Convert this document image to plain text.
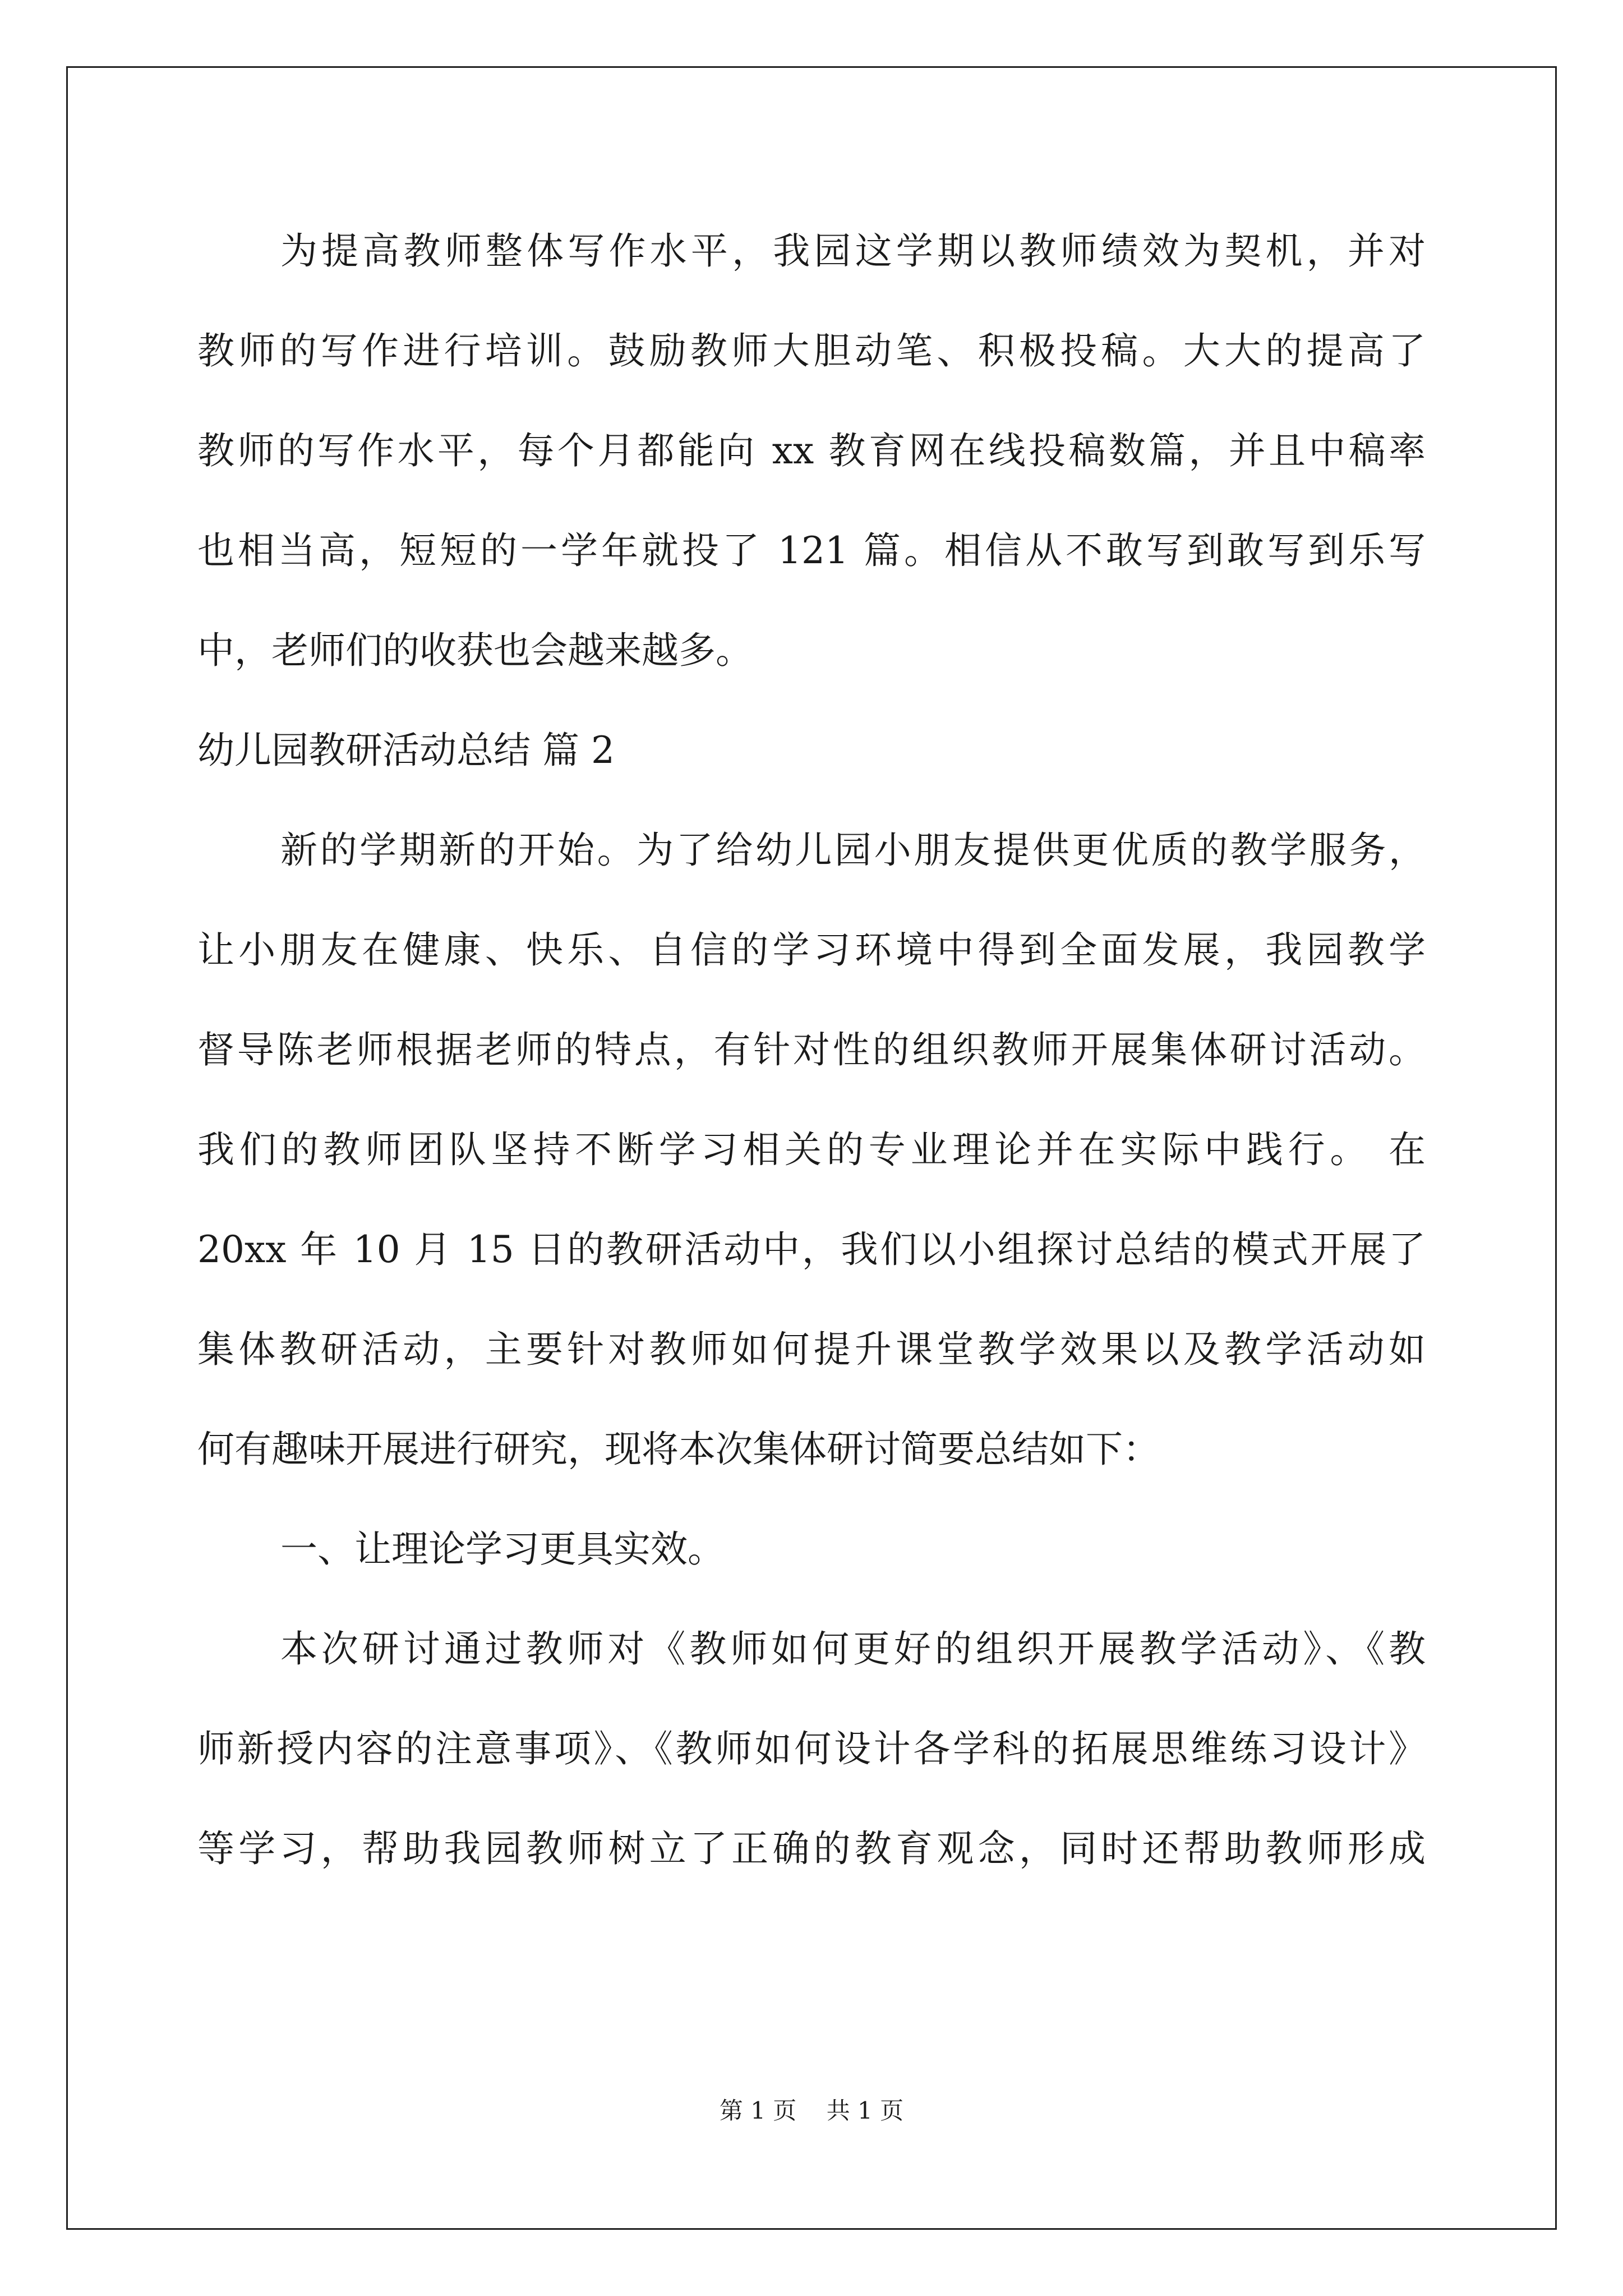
为提高教师整体写作水平，我园这学期以教师绩效为契机，并对
教师的写作进行培训。鼓励教师大胆动笔、积极投稿。大大的提高了
教师的写作水平，每个月都能向 xx 教育网在线投稿数篇，并且中稿率
也相当高，短短的一学年就投了 121 篇。相信从不敢写到敢写到乐写
中，老师们的收获也会越来越多。
幼儿园教研活动总结 篇 2
新的学期新的开始。为了给幼儿园小朋友提供更优质的教学服务，
让小朋友在健康、快乐、自信的学习环境中得到全面发展，我园教学
督导陈老师根据老师的特点，有针对性的组织教师开展集体研讨活动。
我们的教师团队坚持不断学习相关的专业理论并在实际中践行。 在
20xx 年 10 月 15 日的教研活动中，我们以小组探讨总结的模式开展了
集体教研活动，主要针对教师如何提升课堂教学效果以及教学活动如
何有趣味开展进行研究，现将本次集体研讨简要总结如下：
一、让理论学习更具实效。
本次研讨通过教师对《教师如何更好的组织开展教学活动》、《教
师新授内容的注意事项》、《教师如何设计各学科的拓展思维练习设计》
等学习，帮助我园教师树立了正确的教育观念，同时还帮助教师形成
第 1 页    共 1 页
